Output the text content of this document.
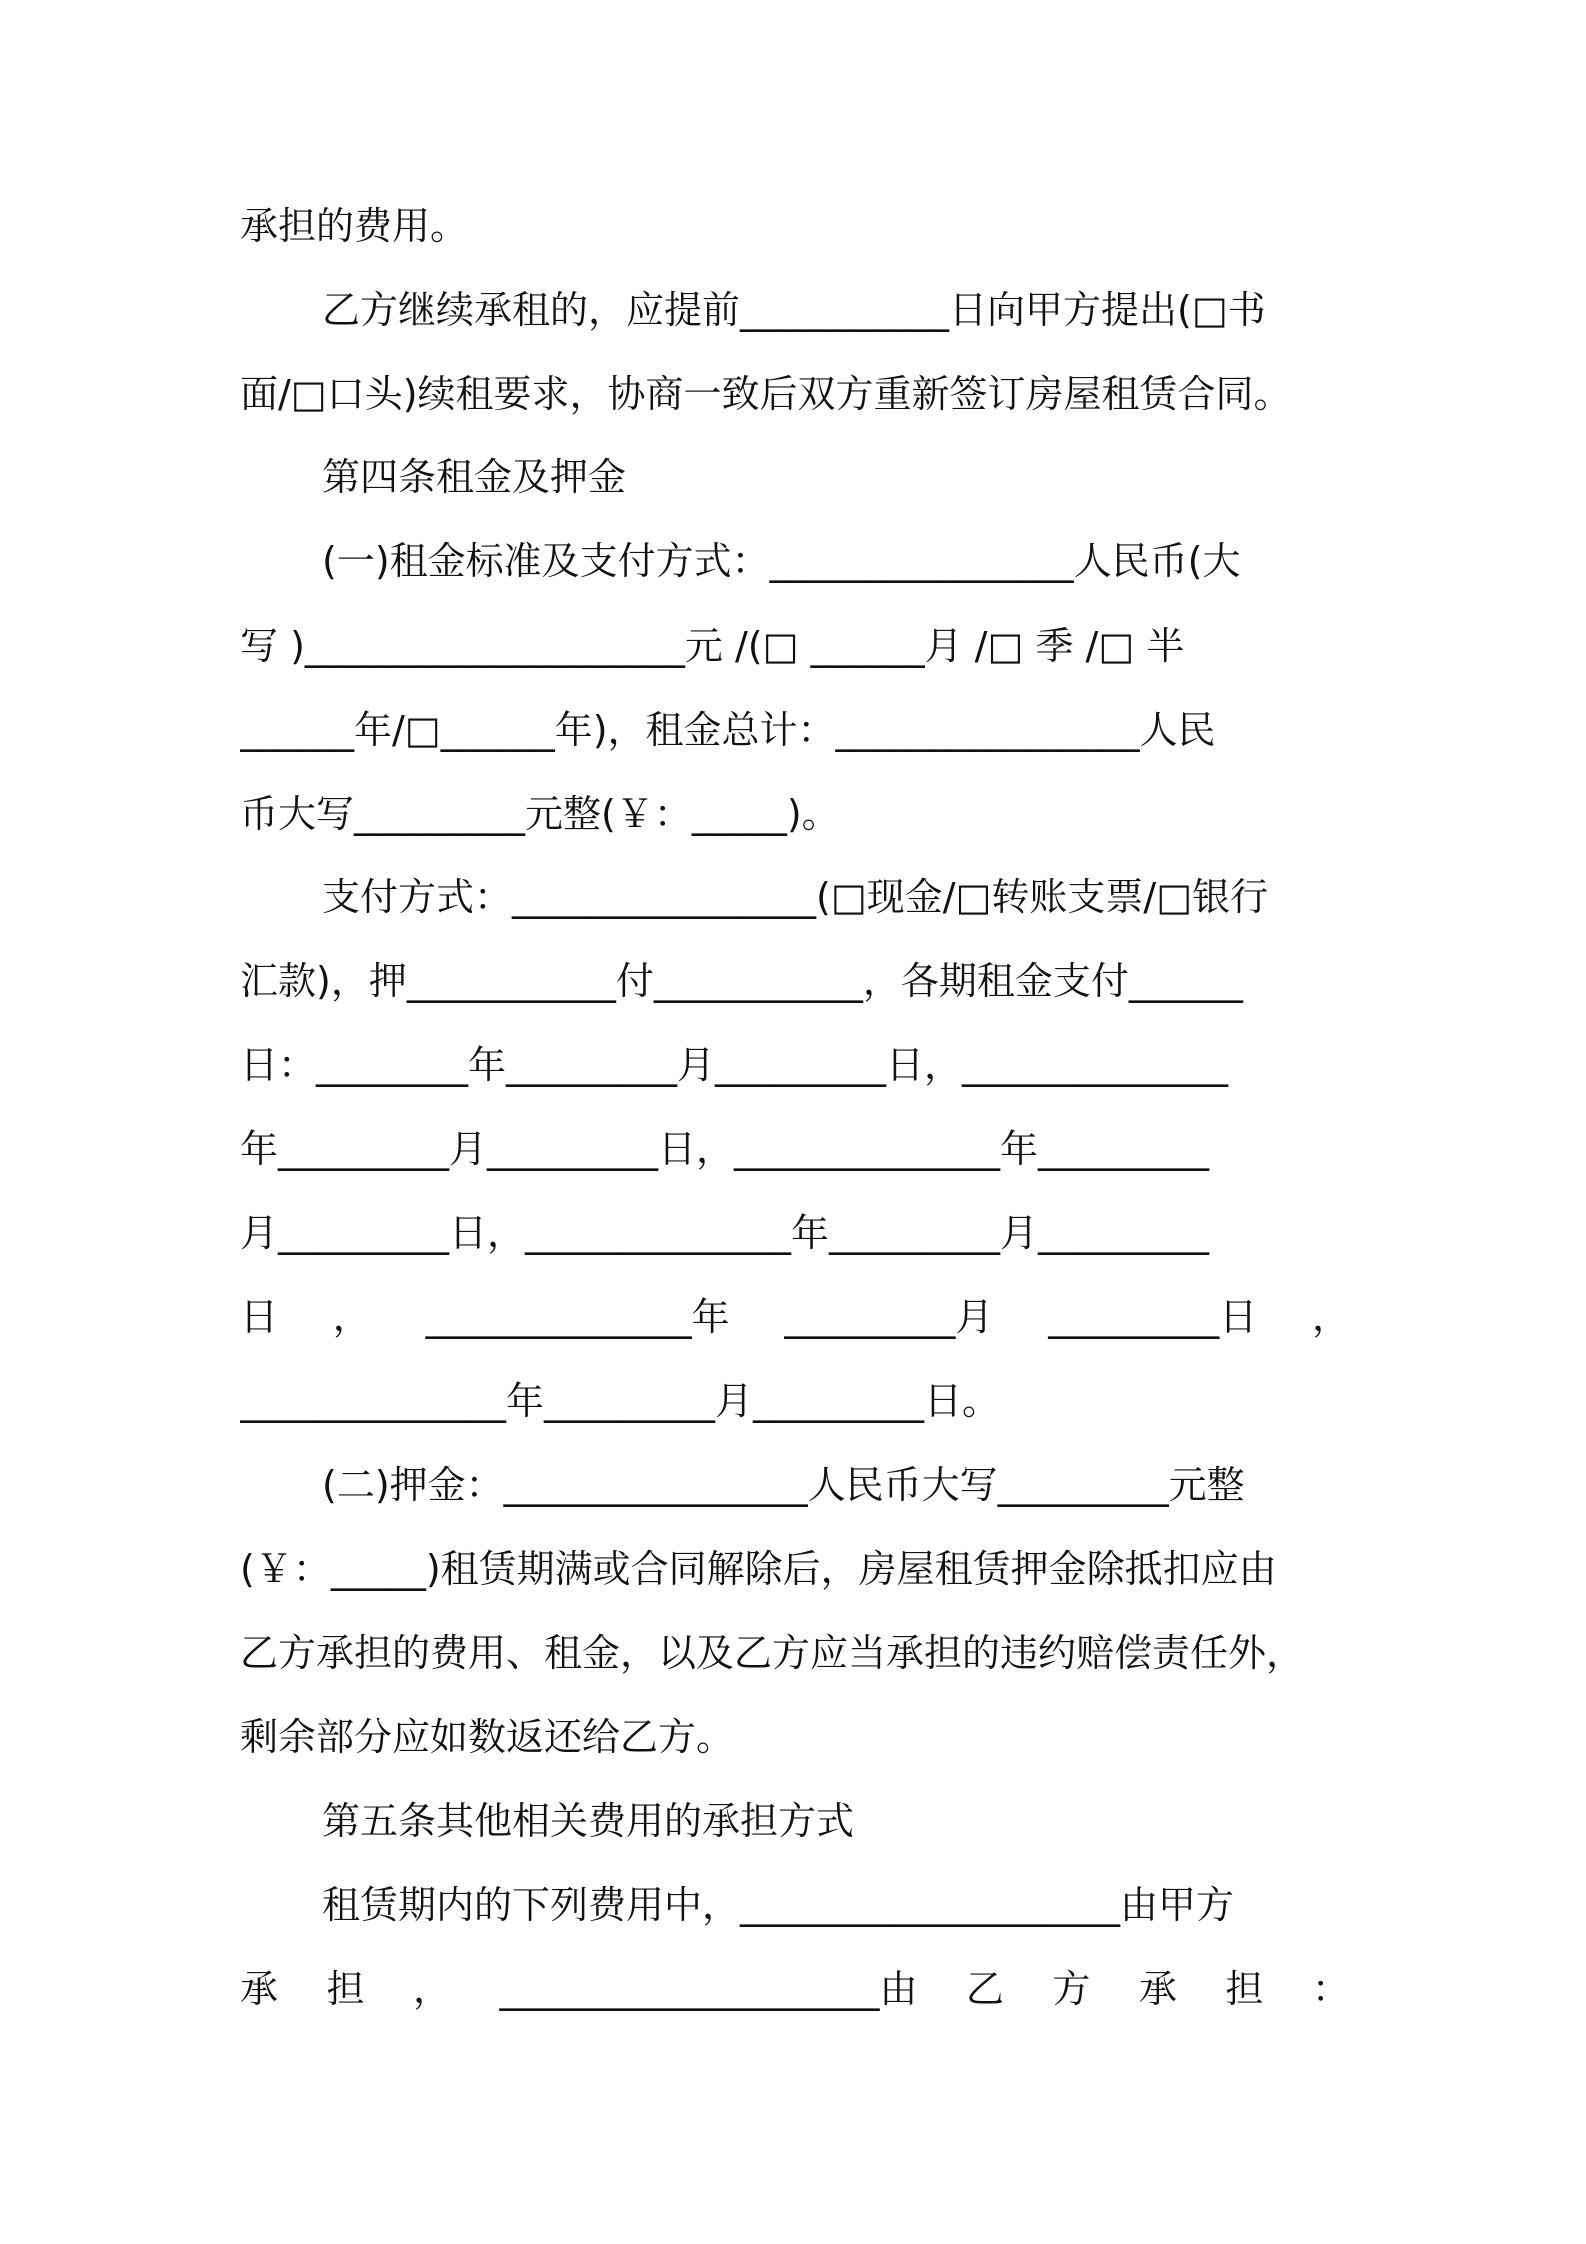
承担的费用。
乙方继续承租的，应提前___________日向甲方提出(□书
面/□口头)续租要求，协商一致后双方重新签订房屋租赁合同。
第四条租金及押金
(一)租金标准及支付方式：________________人民币(大
写 )____________________元 /(□ ______月 /□ 季 /□ 半
______年/□______年)，租金总计：________________人民
币大写_________元整(￥：_____)。
支付方式：________________(□现金/□转账支票/□银行
汇款)，押___________付___________，各期租金支付______
日：________年_________月_________日，______________
年_________月_________日，______________年_________
月_________日，______________年_________月_________
日 ， ______________年 _________月 _________日 ，
______________年_________月_________日。
(二)押金：________________人民币大写_________元整
(￥：_____)租赁期满或合同解除后，房屋租赁押金除抵扣应由
乙方承担的费用、租金，以及乙方应当承担的违约赔偿责任外，
剩余部分应如数返还给乙方。
第五条其他相关费用的承担方式
租赁期内的下列费用中，____________________由甲方
承 担 ， ____________________由 乙 方 承 担 ：
